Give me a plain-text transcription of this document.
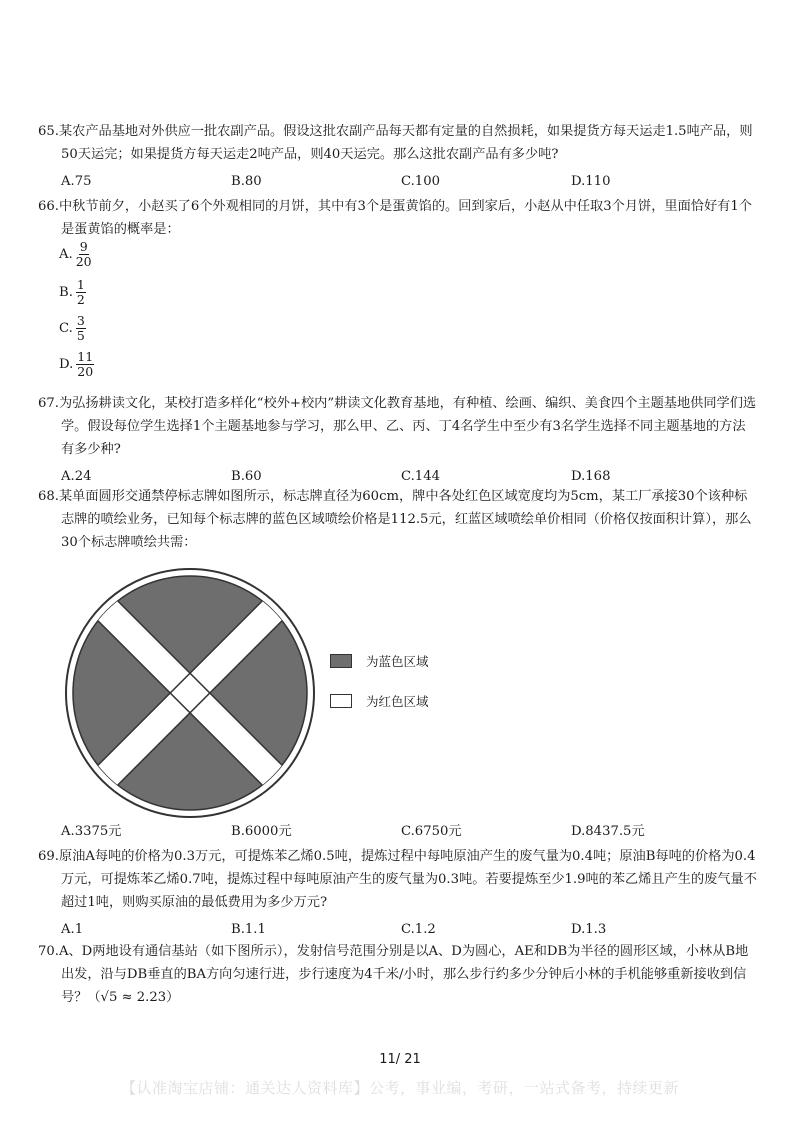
65.某农产品基地对外供应一批农副产品。假设这批农副产品每天都有定量的自然损耗，如果提货方每天运走1.5吨产品，则50天运完；如果提货方每天运走2吨产品，则40天运完。那么这批农副产品有多少吨?

A.75	B.80	C.100	D.110

66.中秋节前夕，小赵买了6个外观相同的月饼，其中有3个是蛋黄馅的。回到家后，小赵从中任取3个月饼，里面恰好有1个是蛋黄馅的概率是：

A. $\frac{9}{20}$
B. $\frac{1}{2}$
C. $\frac{3}{5}$
D. $\frac{11}{20}$

67.为弘扬耕读文化，某校打造多样化“校外+校内”耕读文化教育基地，有种植、绘画、编织、美食四个主题基地供同学们选学。假设每位学生选择1个主题基地参与学习，那么甲、乙、丙、丁4名学生中至少有3名学生选择不同主题基地的方法有多少种?

A.24	B.60	C.144	D.168

68.某单面圆形交通禁停标志牌如图所示，标志牌直径为60cm，牌中各处红色区域宽度均为5cm，某工厂承接30个该种标志牌的喷绘业务，已知每个标志牌的蓝色区域喷绘价格是112.5元，红蓝区域喷绘单价相同（价格仅按面积计算），那么30个标志牌喷绘共需：

为蓝色区域
为红色区域
A.3375元	B.6000元	C.6750元	D.8437.5元

69.原油A每吨的价格为0.3万元，可提炼苯乙烯0.5吨，提炼过程中每吨原油产生的废气量为0.4吨；原油B每吨的价格为0.4万元，可提炼苯乙烯0.7吨，提炼过程中每吨原油产生的废气量为0.3吨。若要提炼至少1.9吨的苯乙烯且产生的废气量不超过1吨，则购买原油的最低费用为多少万元?

A.1	B.1.1	C.1.2	D.1.3

70.A、D两地设有通信基站（如下图所示），发射信号范围分别是以A、D为圆心，AE和DB为半径的圆形区域，小林从B地出发，沿与DB垂直的BA方向匀速行进，步行速度为4千米/小时，那么步行约多少分钟后小林的手机能够重新接收到信号？（√5 ≈ 2.23）

11/ 21
【认准淘宝店铺：通关达人资料库】公考，事业编，考研，一站式备考，持续更新
